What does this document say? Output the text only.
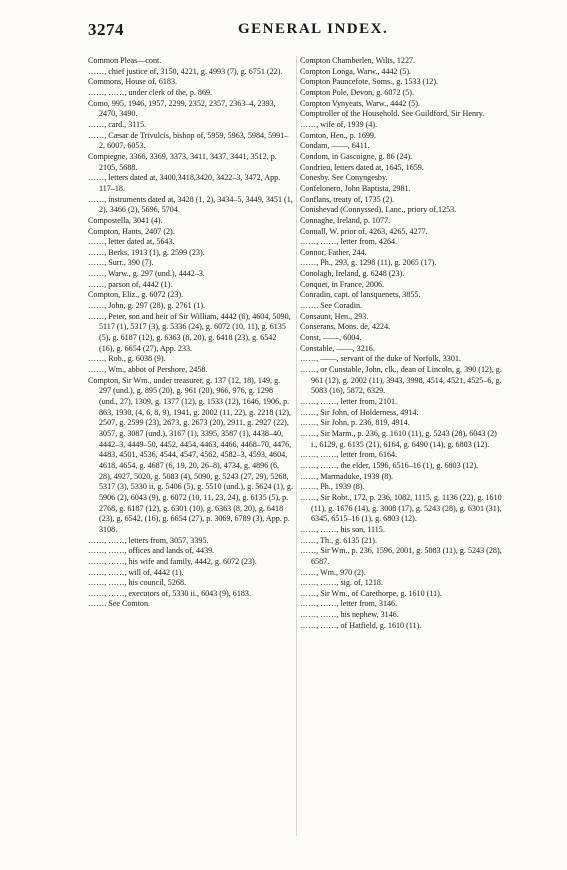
3274	GENERAL INDEX.

Common Pleas—cont.

……, chief justice of, 3150, 4221, g. 4993 (7), g. 6751 (22).

Commons, House of, 6183.

……, ……, under clerk of the, p. 869.

Como, 995, 1946, 1957, 2299, 2352, 2357, 2363–4, 2393, 2470, 3490.

……, card., 3115.

……, Cæsar de Trivulcis, bishop of, 5959, 5963, 5984, 5991–2, 6007, 6053.

Compiegne, 3366, 3369, 3373, 3411, 3437, 3441, 3512, p. 2105, 5688.

……, letters dated at, 3400,3418,3420, 3422–3, 3472, App. 117–18.

……, instruments dated at, 3428 (1, 2), 3434–5, 3449, 3451 (1, 2), 3466 (2), 5696, 5704.

Compostella, 3041 (4).

Compton, Hants, 2407 (2).

……, letter dated at, 5643.

……, Berks, 1913 (1), g. 2599 (23).

……, Surr., 390 (7).

……, Warw., g. 297 (und.), 4442–3.

……, parson of, 4442 (1).

Compton, Eliz., g. 6072 (23).

……, John, g. 297 (28), g. 2761 (1).

……, Peter, son and heir of Sir William, 4442 (6), 4604, 5090, 5117 (1), 5317 (3), g. 5336 (24), g. 6072 (10, 11), g. 6135 (5), g. 6187 (12), g. 6363 (8, 20), g. 6418 (23), g. 6542 (16), g. 6654 (27), App. 233.

……, Rob., g. 6038 (9).

……, Wm., abbot of Pershore, 2458.

Compton, Sir Wm., under treasurer, g. 137 (12, 18), 149, g. 297 (und.), g. 895 (20), g. 961 (20), 966, 976, g. 1298 (und., 27), 1309, g. 1377 (12), g. 1533 (12), 1646, 1906, p. 863, 1930, (4, 6, 8, 9), 1941, g. 2002 (11, 22), g. 2218 (12), 2507, g. 2599 (23), 2673, g. 2673 (20), 2911, g. 2927 (22), 3057, g. 3087 (und.), 3167 (1), 3395, 3587 (1), 4438–40, 4442–3, 4449–50, 4452, 4454, 4463, 4466, 4468–70, 4476, 4483, 4501, 4536, 4544, 4547, 4562, 4582–3, 4593, 4604, 4618, 4654, g. 4687 (6, 19, 20, 26–8), 4734, g. 4896 (6, 28), 4927, 5020, g. 5083 (4), 5090, g. 5243 (27, 29), 5268, 5317 (3), 5330 ii, g. 5406 (5), g. 5510 (und.), g. 5624 (1), g. 5906 (2), 6043 (9), g. 6072 (10, 11, 23, 24), g. 6135 (5), p. 2768, g. 6187 (12), g. 6301 (10), g. 6363 (8, 20), g. 6418 (23), g. 6542, (16), g. 6654 (27), p. 3069, 6789 (3), App. p. 3108.

……, ……, letters from, 3057, 3395.

……, ……, offices and lands of, 4439.

……, ……, his wife and family, 4442, g. 6072 (23).

……, ……, will of, 4442 (1).

……, ……, his council, 5268.

……, ……, executors of, 5330 ii., 6043 (9), 6183.

……. See Comton.

Compton Chamberlen, Wilts, 1227.

Compton Longa, Warw., 4442 (5).

Compton Pauncefote, Soms., g. 1533 (12).

Compton Pole, Devon, g. 6072 (5).

Compton Vynyeats, Warw., 4442 (5).

Comptroller of the Household. See Guildford, Sir Henry.

……, wife of, 1939 (4).

Comton, Hen., p. 1699.

Condam, ——, 6411.

Condom, in Gascoigne, g. 86 (24).

Condrieu, letters dated at, 1645, 1659.

Conesby. See Conyngesby.

Confelonero, John Baptista, 2981.

Conflans, treaty of, 1735 (2).

Conishevad (Connyssed), Lanc., priory of,1253.

Connaghe, Ireland, p. 1077.

Connall, W. prior of, 4263, 4265, 4277.

……, ……, letter from, 4264.

Connor, Father, 244.

……, Ph., 293, g. 1298 (11), g. 2065 (17).

Conolagh, Ireland, g. 6248 (23).

Conquet, in France, 2006.

Conradin, capt. of lansquenets, 3855.

……. See Coradin.

Consaunt, Hen., 293.

Conserans, Mons. de, 4224.

Const, ——, 6004.

Constable, ——, 3216.

……, ——, servant of the duke of Norfolk, 3301.

……, or Cunstable, John, clk., dean of Lincoln, g. 390 (12), g. 961 (12), g. 2002 (11), 3943, 3998, 4514, 4521, 4525–6, g. 5083 (16), 5872, 6329.

……, ……, letter from, 2101.

……, Sir John, of Holderness, 4914.

……, Sir John, p. 236, 819, 4914.

……, Sir Marm., p. 236, g. 1610 (11), g. 5243 (28), 6043 (2) i., 6129, g. 6135 (21), 6164, g. 6490 (14), g. 6803 (12).

……, ……, letter from, 6164.

……, ……, the elder, 1596, 6516–16 (1), g. 6803 (12).

……, Marmaduke, 1939 (8).

……, Ph., 1939 (8).

……, Sir Robt., 172, p. 236, 1082, 1115, g. 1136 (22), g. 1610 (11), g. 1676 (14), g. 3008 (17), g. 5243 (28), g. 6301 (31), 6345, 6515–16 (1), g. 6803 (12).

……, ……, his son, 1115.

……, Th., g. 6135 (21).

……, Sir Wm., p. 236, 1596, 2001, g. 5083 (11), g. 5243 (28), 6587.

……, Wm., 970 (2).

……, ……, sig. of, 1218.

……, Sir Wm., of Carethorpe, g. 1610 (11).

……, ……, letter from, 3146.

……, ……, his nephew, 3146.

……, ……, of Hatfield, g. 1610 (11).
